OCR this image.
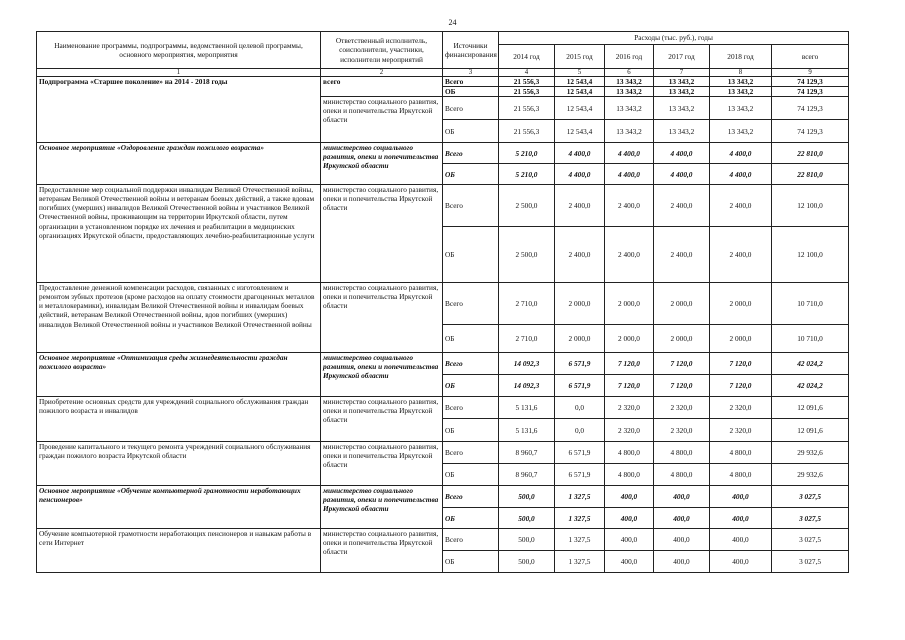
24
Наименование программы, подпрограммы, ведомственной целевой программы, основного мероприятия, мероприятия	Ответственный исполнитель, соисполнители, участники, исполнители мероприятий	Источники финансирования	Расходы (тыс. руб.), годы					
			2014 год	2015 год	2016 год	2017 год	2018 год	всего
1	2	3	4	5	6	7	8	9
Подпрограмма «Старшее поколение» на 2014 - 2018 годы	всего	Всего	21 556,3	12 543,4	13 343,2	13 343,2	13 343,2	74 129,3
		ОБ	21 556,3	12 543,4	13 343,2	13 343,2	13 343,2	74 129,3
	министерство социального развития, опеки и попечительства Иркутской области	Всего	21 556,3	12 543,4	13 343,2	13 343,2	13 343,2	74 129,3
		ОБ	21 556,3	12 543,4	13 343,2	13 343,2	13 343,2	74 129,3
Основное мероприятие «Оздоровление граждан пожилого возраста»	министерство социального развития, опеки и попечительства Иркутской области	Всего	5 210,0	4 400,0	4 400,0	4 400,0	4 400,0	22 810,0
		ОБ	5 210,0	4 400,0	4 400,0	4 400,0	4 400,0	22 810,0
Предоставление мер социальной поддержки инвалидам Великой Отечественной войны, ветеранам Великой Отечественной войны и ветеранам боевых действий, а также вдовам погибших (умерших) инвалидов Великой Отечественной войны и участников Великой Отечественной войны, проживающим на территории Иркутской области, путем организации в установленном порядке их лечения и реабилитации в медицинских организациях Иркутской области, предоставляющих лечебно-реабилитационные услуги	министерство социального развития, опеки и попечительства Иркутской области	Всего	2 500,0	2 400,0	2 400,0	2 400,0	2 400,0	12 100,0
		ОБ	2 500,0	2 400,0	2 400,0	2 400,0	2 400,0	12 100,0
Предоставление денежной компенсации расходов, связанных с изготовлением и ремонтом зубных протезов (кроме расходов на оплату стоимости драгоценных металлов и металлокерамики), инвалидам Великой Отечественной войны и инвалидам боевых действий, ветеранам Великой Отечественной войны, вдов погибших (умерших) инвалидов Великой Отечественной войны и участников Великой Отечественной войны	министерство социального развития, опеки и попечительства Иркутской области	Всего	2 710,0	2 000,0	2 000,0	2 000,0	2 000,0	10 710,0
		ОБ	2 710,0	2 000,0	2 000,0	2 000,0	2 000,0	10 710,0
Основное мероприятие «Оптимизация среды жизнедеятельности граждан пожилого возраста»	министерство социального развития, опеки и попечительства Иркутской области	Всего	14 092,3	6 571,9	7 120,0	7 120,0	7 120,0	42 024,2
		ОБ	14 092,3	6 571,9	7 120,0	7 120,0	7 120,0	42 024,2
Приобретение основных средств для учреждений социального обслуживания граждан пожилого возраста и инвалидов	министерство социального развития, опеки и попечительства Иркутской области	Всего	5 131,6	0,0	2 320,0	2 320,0	2 320,0	12 091,6
		ОБ	5 131,6	0,0	2 320,0	2 320,0	2 320,0	12 091,6
Проведение капитального и текущего ремонта учреждений социального обслуживания граждан пожилого возраста Иркутской области	министерство социального развития, опеки и попечительства Иркутской области	Всего	8 960,7	6 571,9	4 800,0	4 800,0	4 800,0	29 932,6
		ОБ	8 960,7	6 571,9	4 800,0	4 800,0	4 800,0	29 932,6
Основное мероприятие «Обучение компьютерной грамотности неработающих пенсионеров»	министерство социального развития, опеки и попечительства Иркутской области	Всего	500,0	1 327,5	400,0	400,0	400,0	3 027,5
		ОБ	500,0	1 327,5	400,0	400,0	400,0	3 027,5
Обучение компьютерной грамотности неработающих пенсионеров и навыкам работы в сети Интернет	министерство социального развития, опеки и попечительства Иркутской области	Всего	500,0	1 327,5	400,0	400,0	400,0	3 027,5
		ОБ	500,0	1 327,5	400,0	400,0	400,0	3 027,5
